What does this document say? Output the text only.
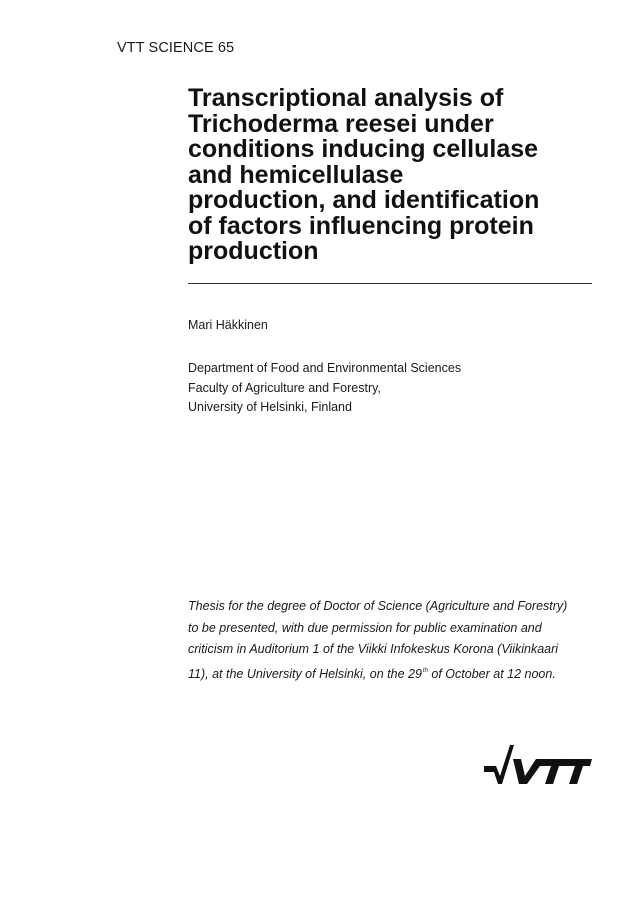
VTT SCIENCE 65

Transcriptional analysis of
Trichoderma reesei under
conditions inducing cellulase
and hemicellulase
production, and identification
of factors influencing protein
production

Mari Häkkinen

Department of Food and Environmental Sciences
Faculty of Agriculture and Forestry,
University of Helsinki, Finland
Thesis for the degree of Doctor of Science (Agriculture and Forestry)
to be presented, with due permission for public examination and
criticism in Auditorium 1 of the Viikki Infokeskus Korona (Viikinkaari
11), at the University of Helsinki, on the 29th of October at 12 noon.
